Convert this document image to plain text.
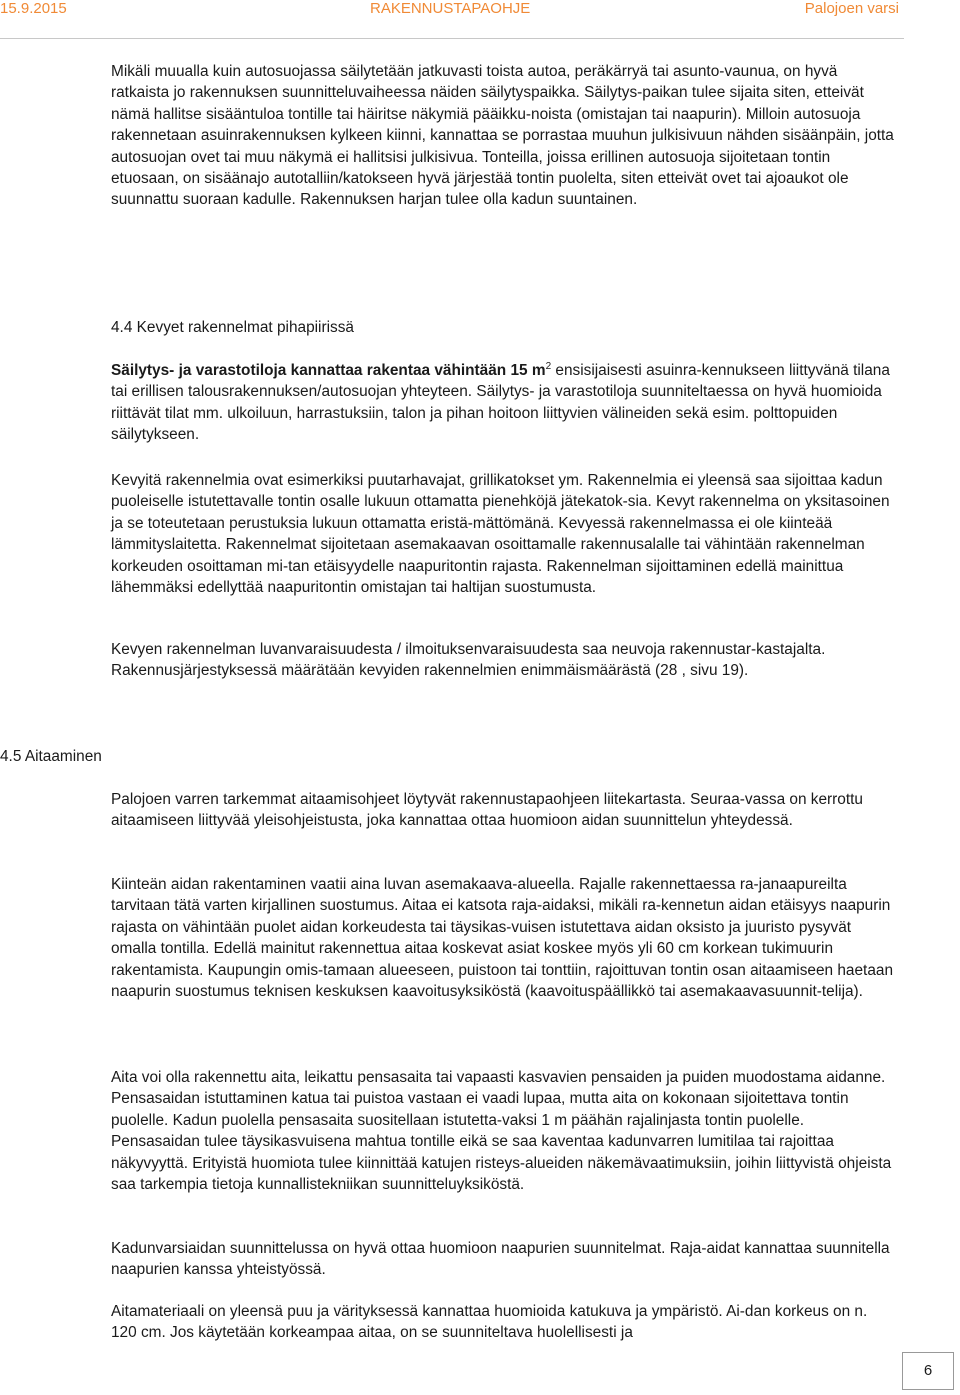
15.9.2015	RAKENNUSTAPAOHJE	Palojoen varsi

Mikäli muualla kuin autosuojassa säilytetään jatkuvasti toista autoa, peräkärryä tai asunto-vaunua, on hyvä ratkaista jo rakennuksen suunnitteluvaiheessa näiden säilytyspaikka. Säilytys-paikan tulee sijaita siten, etteivät nämä hallitse sisääntuloa tontille tai häiritse näkymiä pääikku-noista (omistajan tai naapurin). Milloin autosuoja rakennetaan asuinrakennuksen kylkeen kiinni, kannattaa se porrastaa muuhun julkisivuun nähden sisäänpäin, jotta autosuojan ovet tai muu näkymä ei hallitsisi julkisivua. Tonteilla, joissa erillinen autosuoja sijoitetaan tontin etuosaan, on sisäänajo autotalliin/katokseen hyvä järjestää tontin puolelta, siten etteivät ovet tai ajoaukot ole suunnattu suoraan kadulle. Rakennuksen harjan tulee olla kadun suuntainen.

4.4 Kevyet rakennelmat pihapiirissä

Säilytys- ja varastotiloja kannattaa rakentaa vähintään 15 $m^2$ ensisijaisesti asuinra-kennukseen liittyvänä tilana tai erillisen talousrakennuksen/autosuojan yhteyteen. Säilytys- ja varastotiloja suunniteltaessa on hyvä huomioida riittävät tilat mm. ulkoiluun, harrastuksiin, talon ja pihan hoitoon liittyvien välineiden sekä esim. polttopuiden säilytykseen.

Kevyitä rakennelmia ovat esimerkiksi puutarhavajat, grillikatokset ym. Rakennelmia ei yleensä saa sijoittaa kadun puoleiselle istutettavalle tontin osalle lukuun ottamatta pienehköjä jätekatok-sia. Kevyt rakennelma on yksitasoinen ja se toteutetaan perustuksia lukuun ottamatta eristä-mättömänä. Kevyessä rakennelmassa ei ole kiinteää lämmityslaitetta. Rakennelmat sijoitetaan asemakaavan osoittamalle rakennusalalle tai vähintään rakennelman korkeuden osoittaman mi-tan etäisyydelle naapuritontin rajasta. Rakennelman sijoittaminen edellä mainittua lähemmäksi edellyttää naapuritontin omistajan tai haltijan suostumusta.

Kevyen rakennelman luvanvaraisuudesta / ilmoituksenvaraisuudesta saa neuvoja rakennustar-kastajalta. Rakennusjärjestyksessä määrätään kevyiden rakennelmien enimmäismäärästä (28 , sivu 19).

4.5 Aitaaminen

Palojoen varren tarkemmat aitaamisohjeet löytyvät rakennustapaohjeen liitekartasta. Seuraa-vassa on kerrottu aitaamiseen liittyvää yleisohjeistusta, joka kannattaa ottaa huomioon aidan suunnittelun yhteydessä.

Kiinteän aidan rakentaminen vaatii aina luvan asemakaava-alueella. Rajalle rakennettaessa ra-janaapureilta tarvitaan tätä varten kirjallinen suostumus. Aitaa ei katsota raja-aidaksi, mikäli ra-kennetun aidan etäisyys naapurin rajasta on vähintään puolet aidan korkeudesta tai täysikas-vuisen istutettava aidan oksisto ja juuristo pysyvät omalla tontilla. Edellä mainitut rakennettua aitaa koskevat asiat koskee myös yli 60 cm korkean tukimuurin rakentamista. Kaupungin omis-tamaan alueeseen, puistoon tai tonttiin, rajoittuvan tontin osan aitaamiseen haetaan naapurin suostumus teknisen keskuksen kaavoitusyksiköstä (kaavoituspäällikkö tai asemakaavasuunnit-telija).

Aita voi olla rakennettu aita, leikattu pensasaita tai vapaasti kasvavien pensaiden ja puiden muodostama aidanne. Pensasaidan istuttaminen katua tai puistoa vastaan ei vaadi lupaa, mutta aita on kokonaan sijoitettava tontin puolelle. Kadun puolella pensasaita suositellaan istutetta-vaksi 1 m päähän rajalinjasta tontin puolelle. Pensasaidan tulee täysikasvuisena mahtua tontille eikä se saa kaventaa kadunvarren lumitilaa tai rajoittaa näkyvyyttä. Erityistä huomiota tulee kiinnittää katujen risteys-alueiden näkemävaatimuksiin, joihin liittyvistä ohjeista saa tarkempia tietoja kunnallistekniikan suunnitteluyksiköstä.

Kadunvarsiaidan suunnittelussa on hyvä ottaa huomioon naapurien suunnitelmat. Raja-aidat kannattaa suunnitella naapurien kanssa yhteistyössä.

Aitamateriaali on yleensä puu ja värityksessä kannattaa huomioida katukuva ja ympäristö. Ai-dan korkeus on n. 120 cm. Jos käytetään korkeampaa aitaa, on se suunniteltava huolellisesti ja

6
